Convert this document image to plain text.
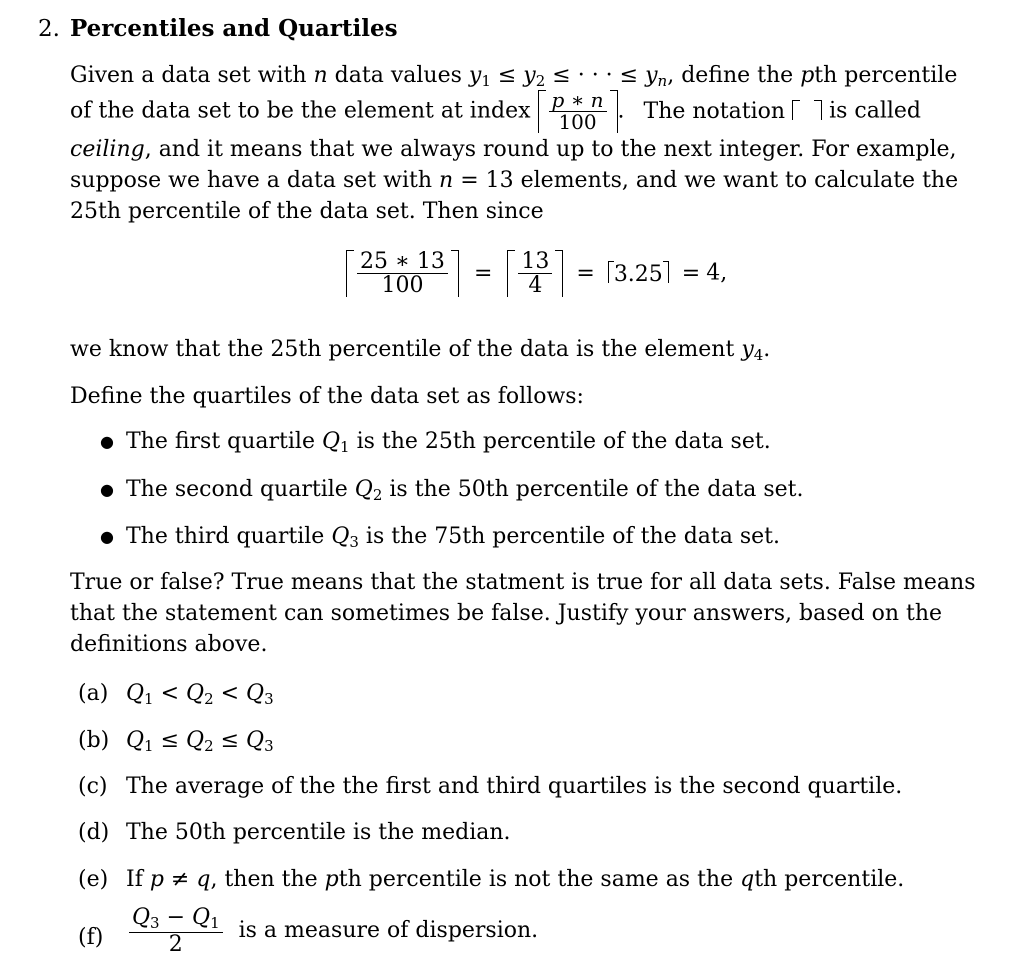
2. Percentiles and Quartiles
Given a data set with n data values $y_1 \le y_2$ ≤ · · · ≤ $y_n$, define the pth percentile
of the data set to be the element at index $\frac{p ∗ n}{100}$ . The notation is called
ceiling, and it means that we always round up to the next integer. For example,
suppose we have a data set with n = 13 elements, and we want to calculate the
25th percentile of the data set. Then since
$\frac{25 ∗ 13}{100} = \frac{13}{4} = 3.25 = 4$,
we know that the 25th percentile of the data is the element $y_4$.
Define the quartiles of the data set as follows:
● The first quartile $Q_1$ is the 25th percentile of the data set.
● The second quartile $Q_2$ is the 50th percentile of the data set.
● The third quartile $Q_3$ is the 75th percentile of the data set.
True or false? True means that the statment is true for all data sets. False means
that the statement can sometimes be false. Justify your answers, based on the
definitions above.
(a) $Q_1 < Q_2 < Q_3$
(b) $Q_1 \le Q_2 \le Q_3$
(c) The average of the the first and third quartiles is the second quartile.
(d) The 50th percentile is the median.
(e) If p ≠ q, then the pth percentile is not the same as the qth percentile.
$(f) \frac{Q_3 - Q_1}{2}$ is a measure of dispersion.
